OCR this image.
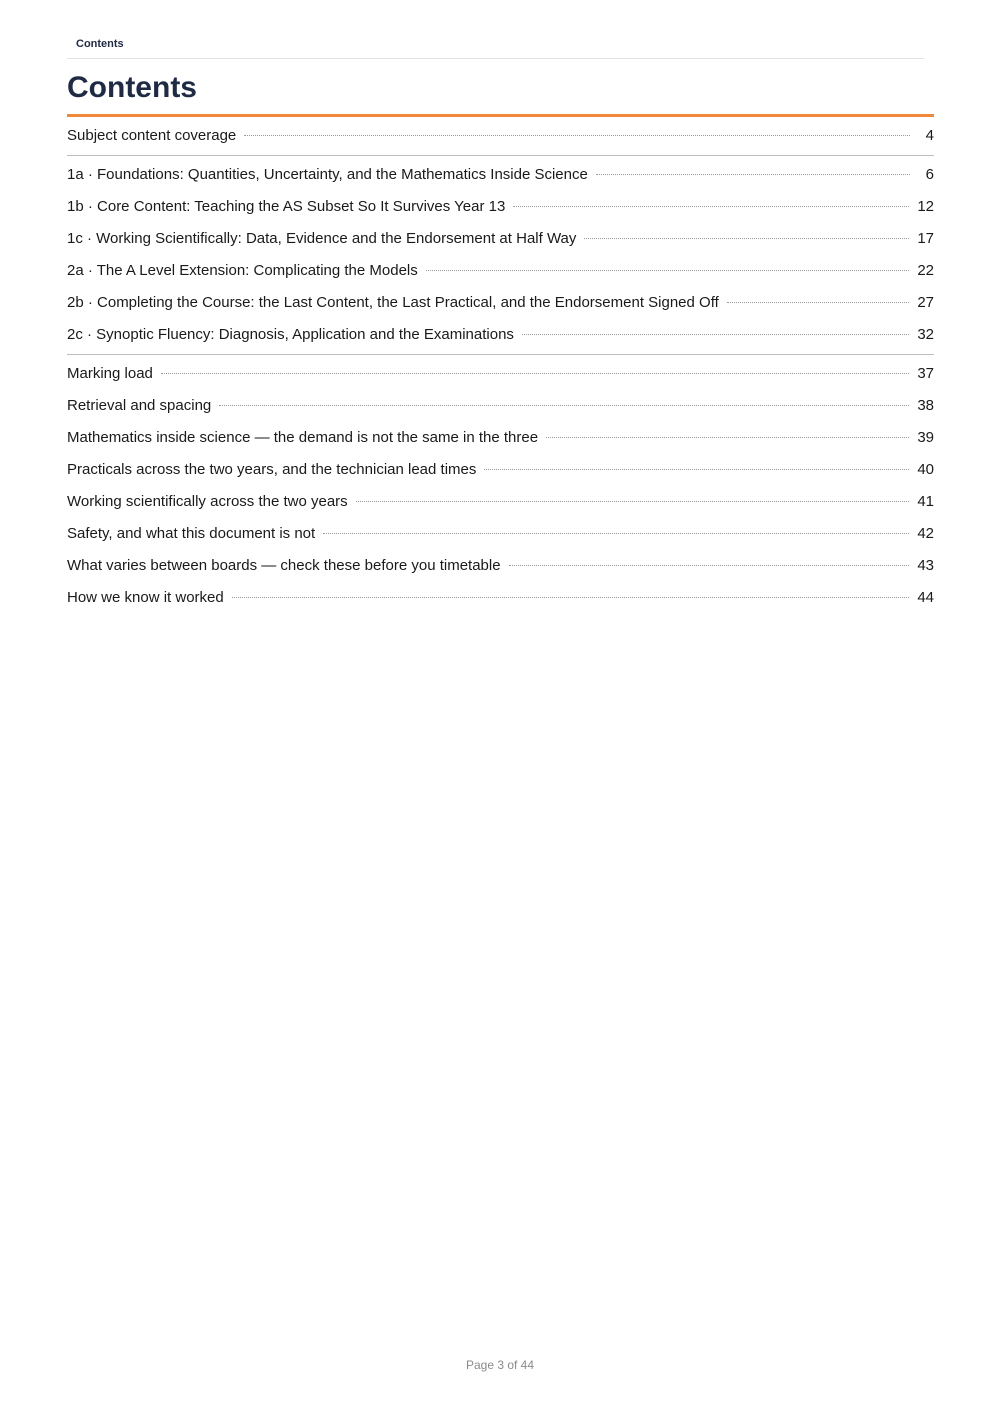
Contents
Contents
Subject content coverage	4
1a · Foundations: Quantities, Uncertainty, and the Mathematics Inside Science	6
1b · Core Content: Teaching the AS Subset So It Survives Year 13	12
1c · Working Scientifically: Data, Evidence and the Endorsement at Half Way	17
2a · The A Level Extension: Complicating the Models	22
2b · Completing the Course: the Last Content, the Last Practical, and the Endorsement Signed Off	27
2c · Synoptic Fluency: Diagnosis, Application and the Examinations	32
Marking load	37
Retrieval and spacing	38
Mathematics inside science — the demand is not the same in the three	39
Practicals across the two years, and the technician lead times	40
Working scientifically across the two years	41
Safety, and what this document is not	42
What varies between boards — check these before you timetable	43
How we know it worked	44
Page 3 of 44
